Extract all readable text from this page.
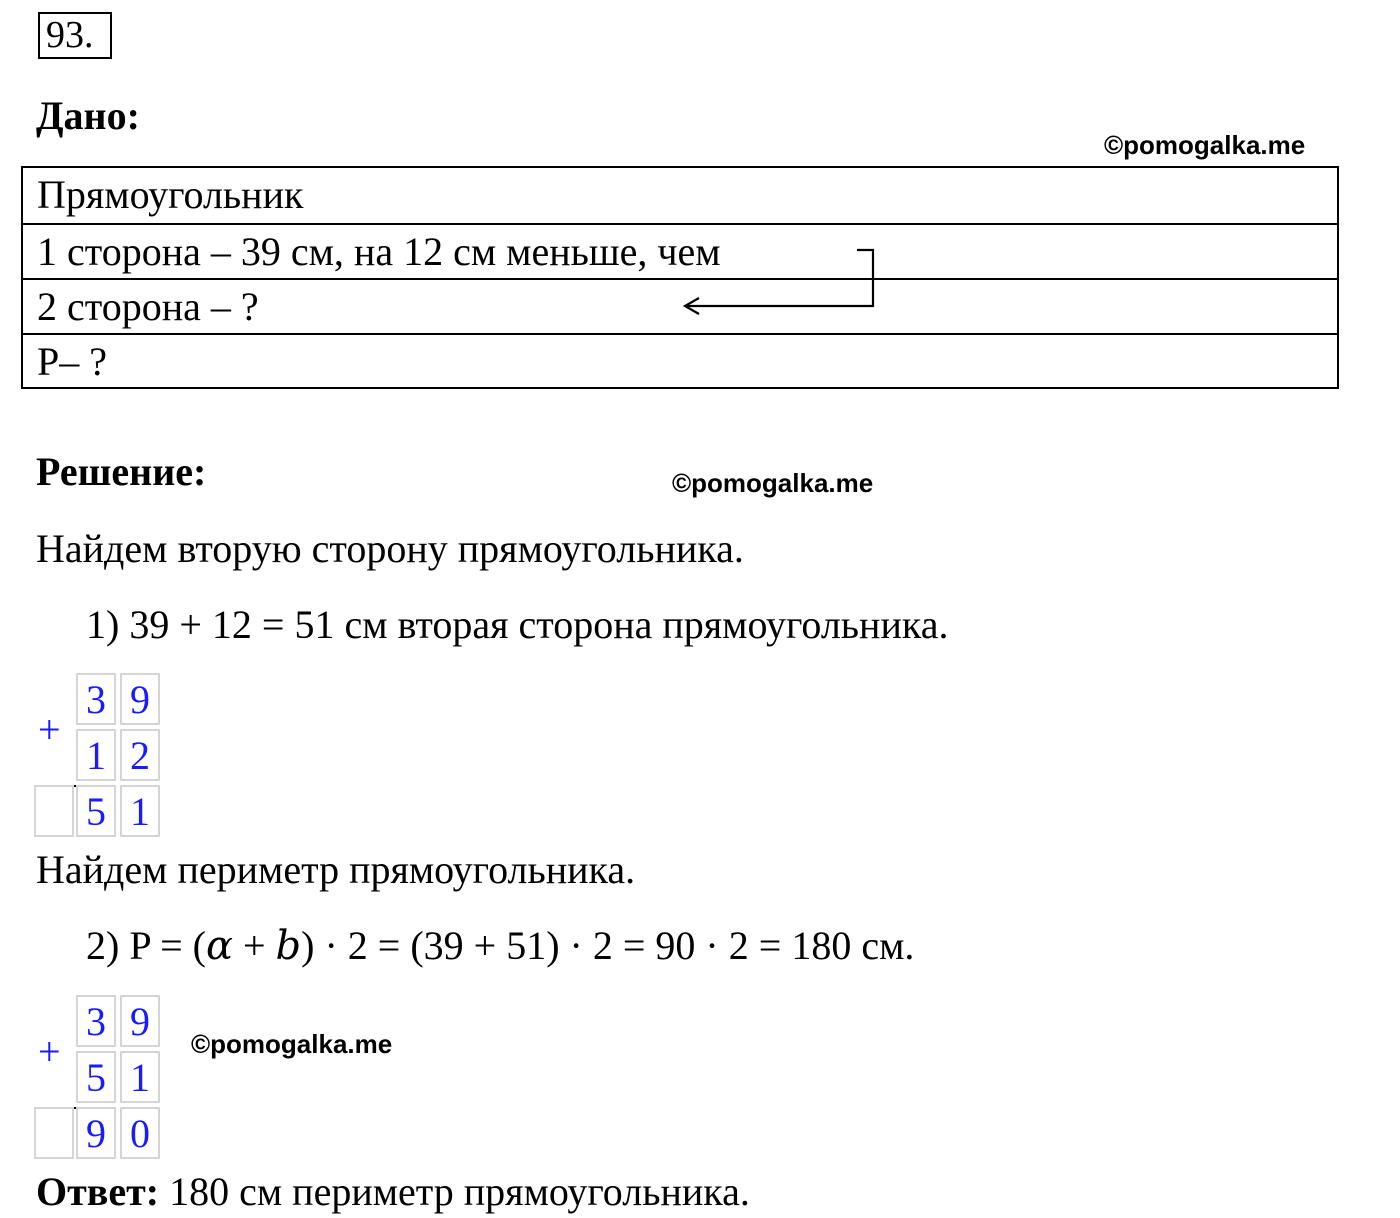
93.
Дано:
©pomogalka.me
Прямоугольник
1 сторона – 39 см, на 12 см меньше, чем
2 сторона – ?
P– ?
Решение:	©pomogalka.me
Найдем вторую сторону прямоугольника.
1) 39 + 12 = 51 см вторая сторона прямоугольника.
+
3 9
1 2
5 1
Найдем периметр прямоугольника.
2) P = (α + b) · 2 = (39 + 51) · 2 = 90 · 2 = 180 см.
+
3 9
5 1
9 0
©pomogalka.me
Ответ: 180 см периметр прямоугольника.
